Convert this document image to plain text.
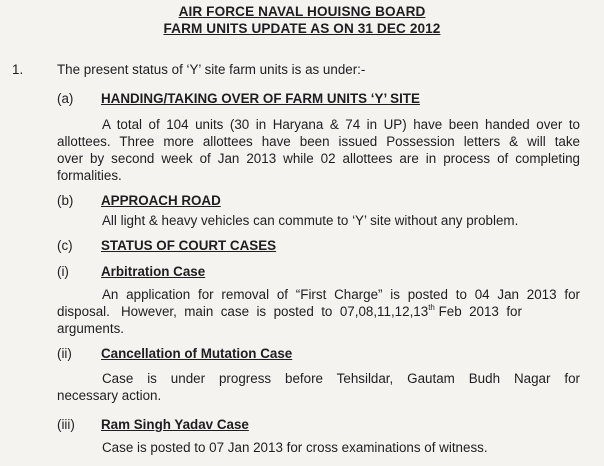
AIR FORCE NAVAL HOUISNG BOARD
FARM UNITS UPDATE AS ON 31 DEC 2012
1.	The present status of ‘Y’ site farm units is as under:-
(a) HANDING/TAKING OVER OF FARM UNITS ‘Y’ SITE
A total of 104 units (30 in Haryana & 74 in UP) have been handed over to
allottees. Three more allottees have been issued Possession letters & will take
over by second week of Jan 2013 while 02 allottees are in process of completing
formalities.
(b) APPROACH ROAD
All light & heavy vehicles can commute to ‘Y’ site without any problem.
(c) STATUS OF COURT CASES
(i) Arbitration Case
An application for removal of “First Charge” is posted to 04 Jan 2013 for
disposal.   However,  main  case  is  posted  to  07,08,11,12,13th Feb  2013  for
arguments.
(ii) Cancellation of Mutation Case
Case is under progress before Tehsildar, Gautam Budh Nagar for
necessary action.
(iii) Ram Singh Yadav Case
Case is posted to 07 Jan 2013 for cross examinations of witness.
